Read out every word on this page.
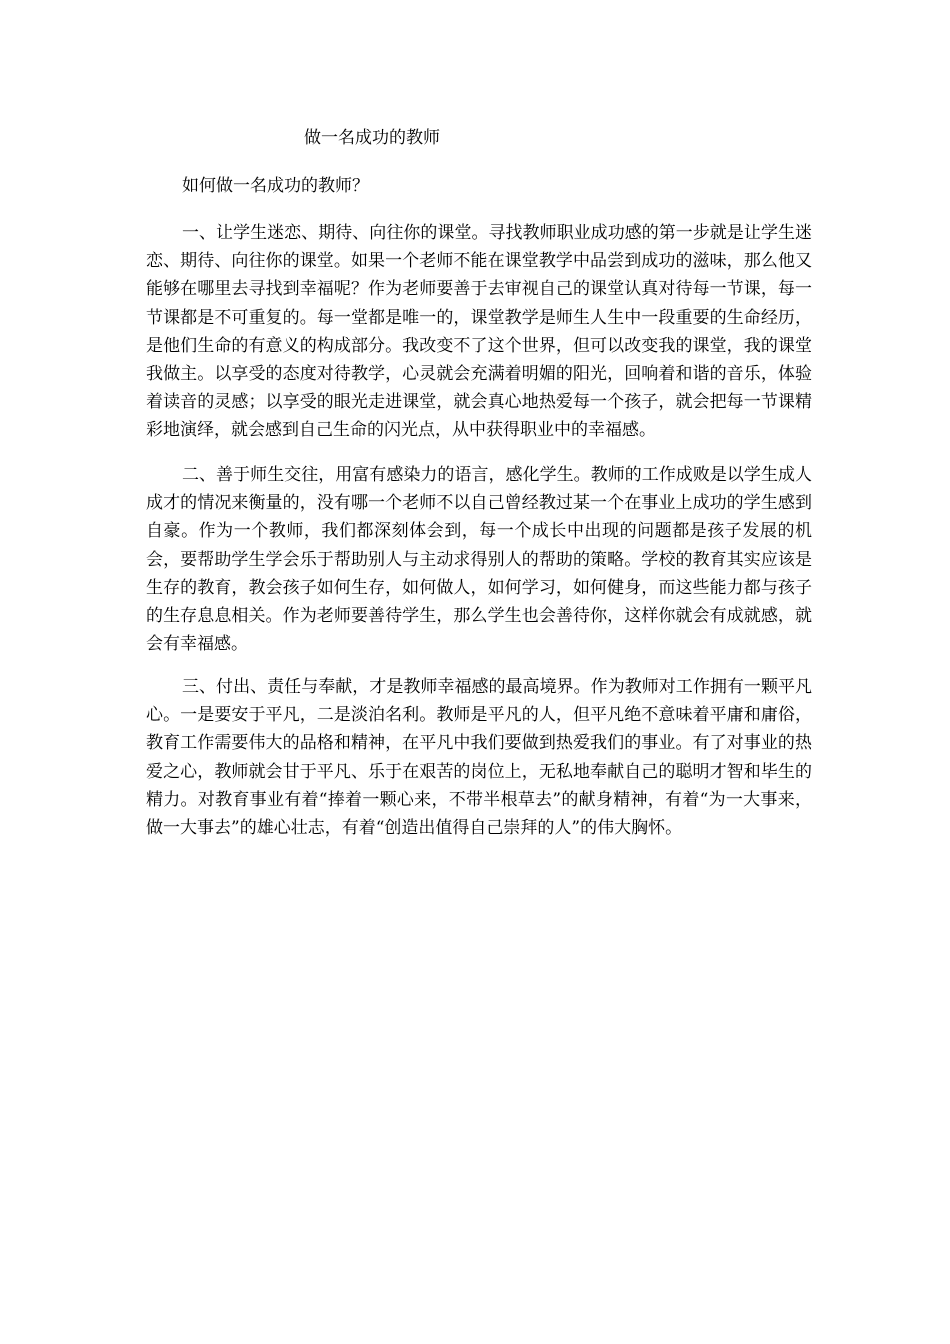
做一名成功的教师
如何做一名成功的教师？

一、让学生迷恋、期待、向往你的课堂。寻找教师职业成功感的第一步就是让学生迷恋、期待、向往你的课堂。如果一个老师不能在课堂教学中品尝到成功的滋味，那么他又能够在哪里去寻找到幸福呢？作为老师要善于去审视自己的课堂认真对待每一节课，每一节课都是不可重复的。每一堂都是唯一的，课堂教学是师生人生中一段重要的生命经历，是他们生命的有意义的构成部分。我改变不了这个世界，但可以改变我的课堂，我的课堂我做主。以享受的态度对待教学，心灵就会充满着明媚的阳光，回响着和谐的音乐，体验着读音的灵感；以享受的眼光走进课堂，就会真心地热爱每一个孩子，就会把每一节课精彩地演绎，就会感到自己生命的闪光点，从中获得职业中的幸福感。

二、善于师生交往，用富有感染力的语言，感化学生。教师的工作成败是以学生成人成才的情况来衡量的，没有哪一个老师不以自己曾经教过某一个在事业上成功的学生感到自豪。作为一个教师，我们都深刻体会到，每一个成长中出现的问题都是孩子发展的机会，要帮助学生学会乐于帮助别人与主动求得别人的帮助的策略。学校的教育其实应该是生存的教育，教会孩子如何生存，如何做人，如何学习，如何健身，而这些能力都与孩子的生存息息相关。作为老师要善待学生，那么学生也会善待你，这样你就会有成就感，就会有幸福感。

三、付出、责任与奉献，才是教师幸福感的最高境界。作为教师对工作拥有一颗平凡心。一是要安于平凡，二是淡泊名利。教师是平凡的人，但平凡绝不意味着平庸和庸俗，教育工作需要伟大的品格和精神，在平凡中我们要做到热爱我们的事业。有了对事业的热爱之心，教师就会甘于平凡、乐于在艰苦的岗位上，无私地奉献自己的聪明才智和毕生的精力。对教育事业有着“捧着一颗心来，不带半根草去”的献身精神，有着“为一大事来，做一大事去”的雄心壮志，有着“创造出值得自己崇拜的人”的伟大胸怀。
